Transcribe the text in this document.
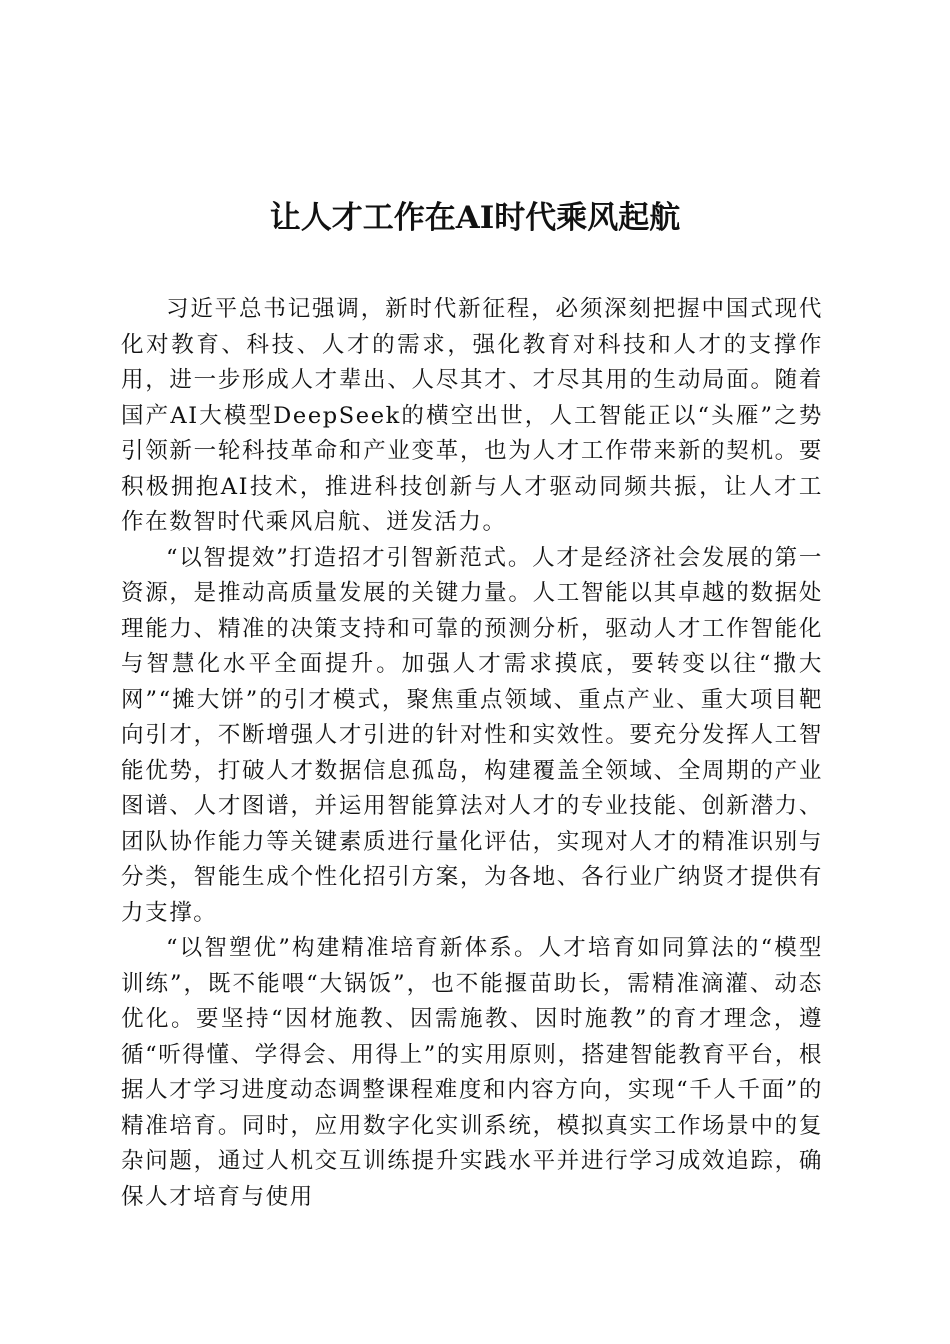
让人才工作在AI时代乘风起航

习近平总书记强调，新时代新征程，必须深刻把握中国式现代化对教育、科技、人才的需求，强化教育对科技和人才的支撑作用，进一步形成人才辈出、人尽其才、才尽其用的生动局面。随着国产AI大模型DeepSeek的横空出世，人工智能正以“头雁”之势引领新一轮科技革命和产业变革，也为人才工作带来新的契机。要积极拥抱AI技术，推进科技创新与人才驱动同频共振，让人才工作在数智时代乘风启航、迸发活力。

“以智提效”打造招才引智新范式。人才是经济社会发展的第一资源，是推动高质量发展的关键力量。人工智能以其卓越的数据处理能力、精准的决策支持和可靠的预测分析，驱动人才工作智能化与智慧化水平全面提升。加强人才需求摸底，要转变以往“撒大网”“摊大饼”的引才模式，聚焦重点领域、重点产业、重大项目靶向引才，不断增强人才引进的针对性和实效性。要充分发挥人工智能优势，打破人才数据信息孤岛，构建覆盖全领域、全周期的产业图谱、人才图谱，并运用智能算法对人才的专业技能、创新潜力、团队协作能力等关键素质进行量化评估，实现对人才的精准识别与分类，智能生成个性化招引方案，为各地、各行业广纳贤才提供有力支撑。

“以智塑优”构建精准培育新体系。人才培育如同算法的“模型训练”，既不能喂“大锅饭”，也不能揠苗助长，需精准滴灌、动态优化。要坚持“因材施教、因需施教、因时施教”的育才理念，遵循“听得懂、学得会、用得上”的实用原则，搭建智能教育平台，根据人才学习进度动态调整课程难度和内容方向，实现“千人千面”的精准培育。同时，应用数字化实训系统，模拟真实工作场景中的复杂问题，通过人机交互训练提升实践水平并进行学习成效追踪，确保人才培育与使用
